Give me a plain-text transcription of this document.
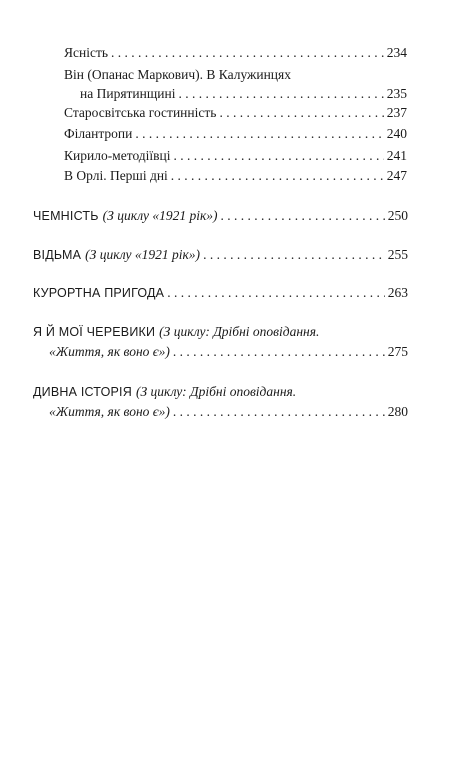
Ясність . . .	234
Він (Опанас Маркович). В Калужинцях
на Пирятинщині . . .	235
Старосвітська гостинність . . .	237
Філантропи . . .	240
Кирило-методіївці . . .	241
В Орлі. Перші дні . . .	247
ЧЕМНІСТЬ (З циклу «1921 рік») . . .	250
ВІДЬМА (З циклу «1921 рік») . . .	255
КУРОРТНА ПРИГОДА . . .	263
Я Й МОЇ ЧЕРЕВИКИ (З циклу: Дрібні оповідання.
«Життя, як воно є») . . .	275
ДИВНА ІСТОРІЯ (З циклу: Дрібні оповідання.
«Життя, як воно є») . . .	280
